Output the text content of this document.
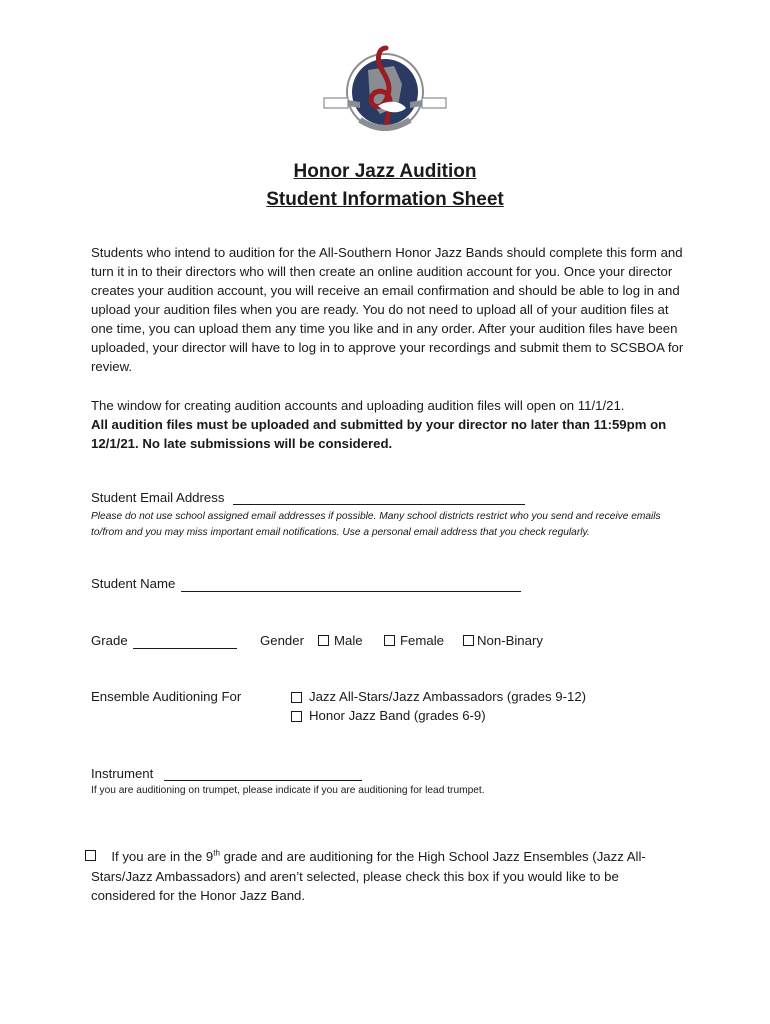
Honor Jazz Audition
Student Information Sheet

Students who intend to audition for the All-Southern Honor Jazz Bands should complete this form and turn it in to their directors who will then create an online audition account for you. Once your director creates your audition account, you will receive an email confirmation and should be able to log in and upload your audition files when you are ready. You do not need to upload all of your audition files at one time, you can upload them any time you like and in any order. After your audition files have been uploaded, your director will have to log in to approve your recordings and submit them to SCSBOA for review.

The window for creating audition accounts and uploading audition files will open on 11/1/21.
All audition files must be uploaded and submitted by your director no later than 11:59pm on 12/1/21. No late submissions will be considered.

Student Email Address

Please do not use school assigned email addresses if possible. Many school districts restrict who you send and receive emails to/from and you may miss important email notifications. Use a personal email address that you check regularly.

Student Name
Grade	Gender Male	Female	Non-Binary
Ensemble Auditioning For	Jazz All-Stars/Jazz Ambassadors (grades 9-12)
Honor Jazz Band (grades 6-9)
Instrument
If you are auditioning on trumpet, please indicate if you are auditioning for lead trumpet.

If you are in the 9th grade and are auditioning for the High School Jazz Ensembles (Jazz All-Stars/Jazz Ambassadors) and aren’t selected, please check this box if you would like to be considered for the Honor Jazz Band.
